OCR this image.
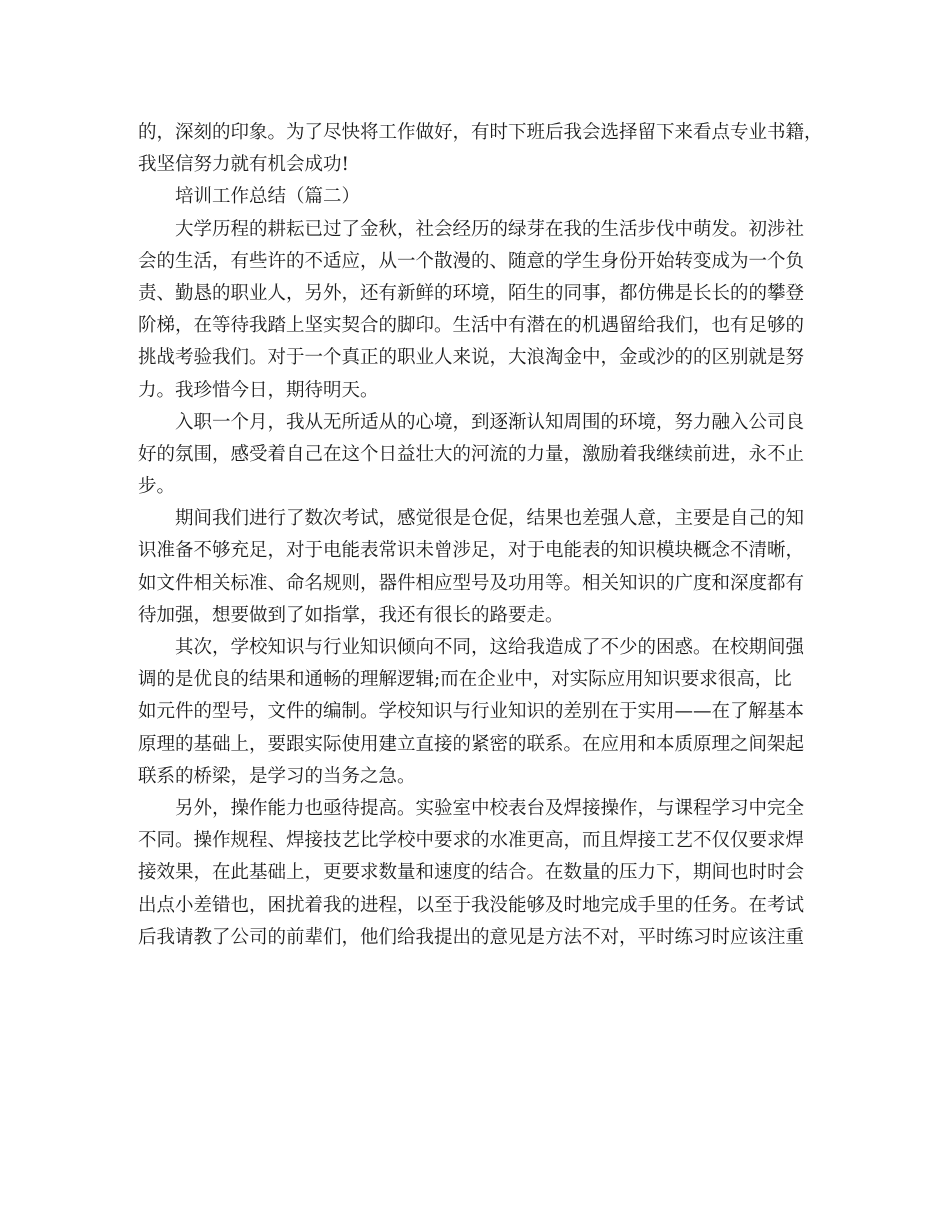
的，深刻的印象。为了尽快将工作做好，有时下班后我会选择留下来看点专业书籍，
我坚信努力就有机会成功!
培训工作总结（篇二）
大学历程的耕耘已过了金秋，社会经历的绿芽在我的生活步伐中萌发。初涉社
会的生活，有些许的不适应，从一个散漫的、随意的学生身份开始转变成为一个负
责、勤恳的职业人，另外，还有新鲜的环境，陌生的同事，都仿佛是长长的的攀登
阶梯，在等待我踏上坚实契合的脚印。生活中有潜在的机遇留给我们，也有足够的
挑战考验我们。对于一个真正的职业人来说，大浪淘金中，金或沙的的区别就是努
力。我珍惜今日，期待明天。
入职一个月，我从无所适从的心境，到逐渐认知周围的环境，努力融入公司良
好的氛围，感受着自己在这个日益壮大的河流的力量，激励着我继续前进，永不止
步。
期间我们进行了数次考试，感觉很是仓促，结果也差强人意，主要是自己的知
识准备不够充足，对于电能表常识未曾涉足，对于电能表的知识模块概念不清晰，
如文件相关标准、命名规则，器件相应型号及功用等。相关知识的广度和深度都有
待加强，想要做到了如指掌，我还有很长的路要走。
其次，学校知识与行业知识倾向不同，这给我造成了不少的困惑。在校期间强
调的是优良的结果和通畅的理解逻辑;而在企业中，对实际应用知识要求很高，比
如元件的型号，文件的编制。学校知识与行业知识的差别在于实用——在了解基本
原理的基础上，要跟实际使用建立直接的紧密的联系。在应用和本质原理之间架起
联系的桥梁，是学习的当务之急。
另外，操作能力也亟待提高。实验室中校表台及焊接操作，与课程学习中完全
不同。操作规程、焊接技艺比学校中要求的水准更高，而且焊接工艺不仅仅要求焊
接效果，在此基础上，更要求数量和速度的结合。在数量的压力下，期间也时时会
出点小差错也，困扰着我的进程，以至于我没能够及时地完成手里的任务。在考试
后我请教了公司的前辈们，他们给我提出的意见是方法不对，平时练习时应该注重
